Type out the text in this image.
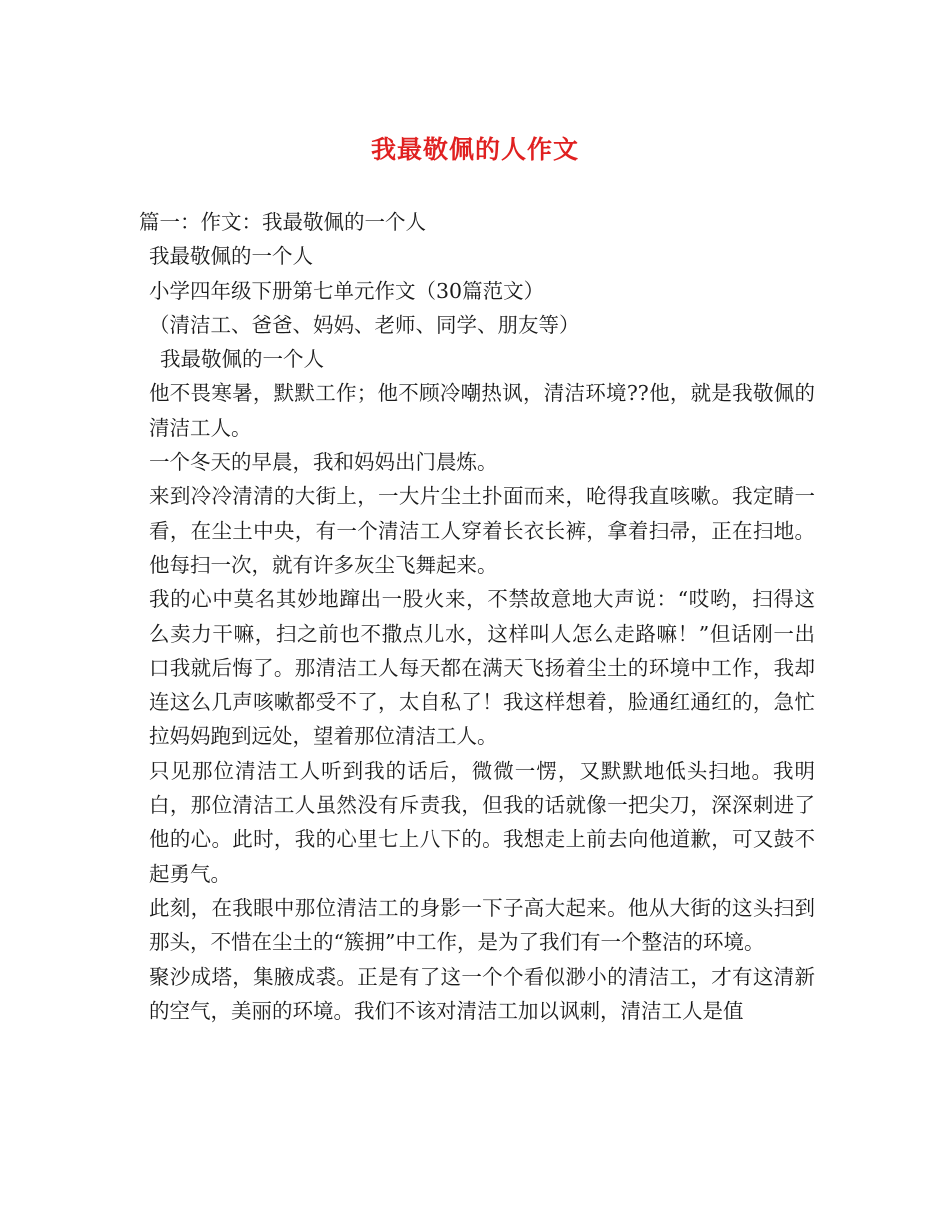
我最敬佩的人作文
篇一：作文：我最敬佩的一个人
我最敬佩的一个人
小学四年级下册第七单元作文（30篇范文）
（清洁工、爸爸、妈妈、老师、同学、朋友等）
我最敬佩的一个人
他不畏寒暑，默默工作；他不顾冷嘲热讽，清洁环境??他，就是我敬佩的清洁工人。
一个冬天的早晨，我和妈妈出门晨炼。
来到冷冷清清的大街上，一大片尘土扑面而来，呛得我直咳嗽。我定睛一看，在尘土中央，有一个清洁工人穿着长衣长裤，拿着扫帚，正在扫地。他每扫一次，就有许多灰尘飞舞起来。
我的心中莫名其妙地蹿出一股火来，不禁故意地大声说：“哎哟，扫得这么卖力干嘛，扫之前也不撒点儿水，这样叫人怎么走路嘛！”但话刚一出口我就后悔了。那清洁工人每天都在满天飞扬着尘土的环境中工作，我却连这么几声咳嗽都受不了，太自私了！我这样想着，脸通红通红的，急忙拉妈妈跑到远处，望着那位清洁工人。
只见那位清洁工人听到我的话后，微微一愣，又默默地低头扫地。我明白，那位清洁工人虽然没有斥责我，但我的话就像一把尖刀，深深刺进了他的心。此时，我的心里七上八下的。我想走上前去向他道歉，可又鼓不起勇气。
此刻，在我眼中那位清洁工的身影一下子高大起来。他从大街的这头扫到那头，不惜在尘土的“簇拥”中工作，是为了我们有一个整洁的环境。
聚沙成塔，集腋成裘。正是有了这一个个看似渺小的清洁工，才有这清新的空气，美丽的环境。我们不该对清洁工加以讽刺，清洁工人是值
